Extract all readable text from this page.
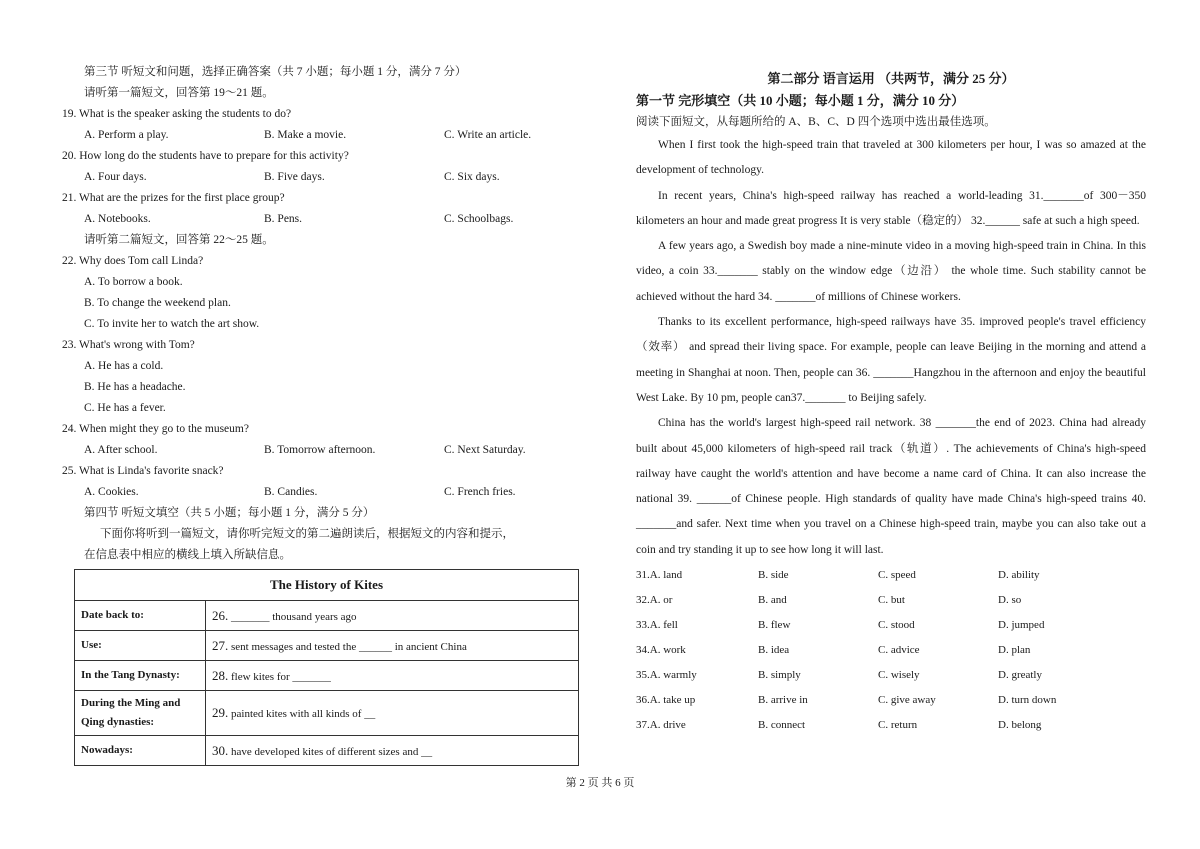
第三节 听短文和问题，选择正确答案（共 7 小题；每小题 1 分，满分 7 分）
请听第一篇短文，回答第 19～21 题。
19. What is the speaker asking the students to do?
A. Perform a play.	B. Make a movie.	C. Write an article.
20. How long do the students have to prepare for this activity?
A. Four days.	B. Five days.	C. Six days.
21. What are the prizes for the first place group?
A. Notebooks.	B. Pens.	C. Schoolbags.
请听第二篇短文，回答第 22～25 题。
22. Why does Tom call Linda?
A. To borrow a book.
B. To change the weekend plan.
C. To invite her to watch the art show.
23. What's wrong with Tom?
A. He has a cold.
B. He has a headache.
C. He has a fever.
24. When might they go to the museum?
A. After school.	B. Tomorrow afternoon.	C. Next Saturday.
25. What is Linda's favorite snack?
A. Cookies.	B. Candies.	C. French fries.
第四节 听短文填空（共 5 小题；每小题 1 分，满分 5 分）
下面你将听到一篇短文，请你听完短文的第二遍朗读后，根据短文的内容和提示，
在信息表中相应的横线上填入所缺信息。
The History of Kites	
Date back to:	26. _______ thousand years ago
Use:	27. sent messages and tested the ______ in ancient China
In the Tang Dynasty:	28. flew kites for _______
During the Ming and Qing dynasties:	29. painted kites with all kinds of __
Nowadays:	30. have developed kites of different sizes and __
第二部分 语言运用 （共两节，满分 25 分）
第一节 完形填空（共 10 小题；每小题 1 分，满分 10 分）
阅读下面短文，从每题所给的 A、B、C、D 四个选项中选出最佳选项。
When I first took the high-speed train that traveled at 300 kilometers per hour, I was so amazed at the development of technology.
In recent years, China's high-speed railway has reached a world-leading 31._______of 300－350 kilometers an hour and made great progress It is very stable（稳定的） 32.______ safe at such a high speed.
A few years ago, a Swedish boy made a nine-minute video in a moving high-speed train in China. In this video, a coin 33._______ stably on the window edge（边沿） the whole time. Such stability cannot be achieved without the hard 34. _______of millions of Chinese workers.
Thanks to its excellent performance, high-speed railways have 35. improved people's travel efficiency（效率） and spread their living space. For example, people can leave Beijing in the morning and attend a meeting in Shanghai at noon. Then, people can 36. _______Hangzhou in the afternoon and enjoy the beautiful West Lake. By 10 pm, people can37._______ to Beijing safely.
China has the world's largest high-speed rail network. 38 _______the end of 2023. China had already built about 45,000 kilometers of high-speed rail track（轨道）. The achievements of China's high-speed railway have caught the world's attention and have become a name card of China. It can also increase the national 39. ______of Chinese people. High standards of quality have made China's high-speed trains 40. _______and safer. Next time when you travel on a Chinese high-speed train, maybe you can also take out a coin and try standing it up to see how long it will last.
31.A. land	B. side	C. speed	D. ability
32.A. or	B. and	C. but	D. so
33.A. fell	B. flew	C. stood	D. jumped
34.A. work	B. idea	C. advice	D. plan
35.A. warmly	B. simply	C. wisely	D. greatly
36.A. take up	B. arrive in	C. give away	D. turn down
37.A. drive	B. connect	C. return	D. belong
第 2 页 共 6 页
